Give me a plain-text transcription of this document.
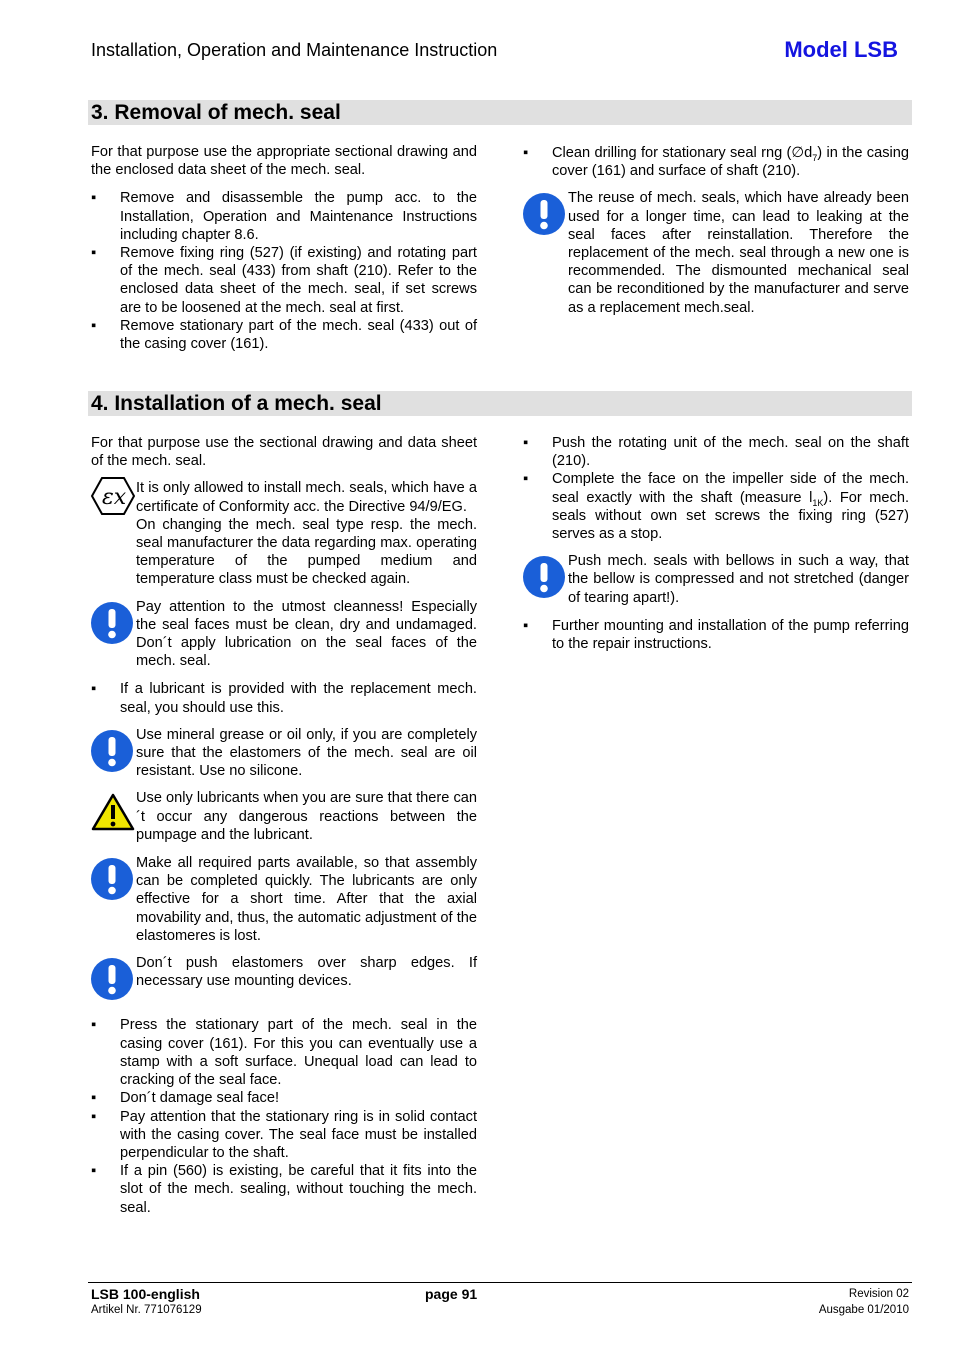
Installation, Operation and Maintenance Instruction	Model LSB
3. Removal of mech. seal

For that purpose use the appropriate sectional drawing and the enclosed data sheet of the mech. seal.

▪ Remove and disassemble the pump acc. to the Installation, Operation and Maintenance Instructions including chapter 8.6.
▪ Remove fixing ring (527) (if existing) and rotating part of the mech. seal (433) from shaft (210). Refer to the enclosed data sheet of the mech. seal, if set screws are to be loosened at the mech. seal at first.
▪ Remove stationary part of the mech. seal (433) out of the casing cover (161).
▪ Clean drilling for stationary seal rng $(\emptyset d_7)$ in the casing cover (161) and surface of shaft (210).
The reuse of mech. seals, which have already been used for a longer time, can lead to leaking at the seal faces after reinstallation. Therefore the replacement of the mech. seal through a new one is recommended. The dismounted mechanical seal can be reconditioned by the manufacturer and serve as a replacement mech.seal.
4. Installation of a mech. seal

For that purpose use the sectional drawing and data sheet of the mech. seal.

εx It is only allowed to install mech. seals, which have a certificate of Conformity acc. the Directive 94/9/EG.

On changing the mech. seal type resp. the mech. seal manufacturer the data regarding max. operating temperature of the pumped medium and temperature class must be checked again.

Pay attention to the utmost cleanness! Especially the seal faces must be clean, dry and undamaged. Don´t apply lubrication on the seal faces of the mech. seal.
▪ If a lubricant is provided with the replacement mech. seal, you should use this.
Use mineral grease or oil only, if you are completely sure that the elastomers of the mech. seal are oil resistant. Use no silicone.
Use only lubricants when you are sure that there can´t occur any dangerous reactions between the pumpage and the lubricant.
Make all required parts available, so that assembly can be completed quickly. The lubricants are only effective for a short time. After that the axial movability and, thus, the automatic adjustment of the elastomeres is lost.
Don´t push elastomers over sharp edges. If necessary use mounting devices.
▪ Press the stationary part of the mech. seal in the casing cover (161). For this you can eventually use a stamp with a soft surface. Unequal load can lead to cracking of the seal face.
▪ Don´t damage seal face!
▪ Pay attention that the stationary ring is in solid contact with the casing cover. The seal face must be installed perpendicular to the shaft.
▪ If a pin (560) is existing, be careful that it fits into the slot of the mech. sealing, without touching the mech. seal.
▪ Push the rotating unit of the mech. seal on the shaft (210).
▪ Complete the face on the impeller side of the mech. seal exactly with the shaft (measure $l_{1K}$). For mech. seals without own set screws the fixing ring (527) serves as a stop.
Push mech. seals with bellows in such a way, that the bellow is compressed and not stretched (danger of tearing apart!).
▪ Further mounting and installation of the pump referring to the repair instructions.
LSB 100-english
Artikel Nr. 771076129
page 91	Revision 02
Ausgabe 01/2010
